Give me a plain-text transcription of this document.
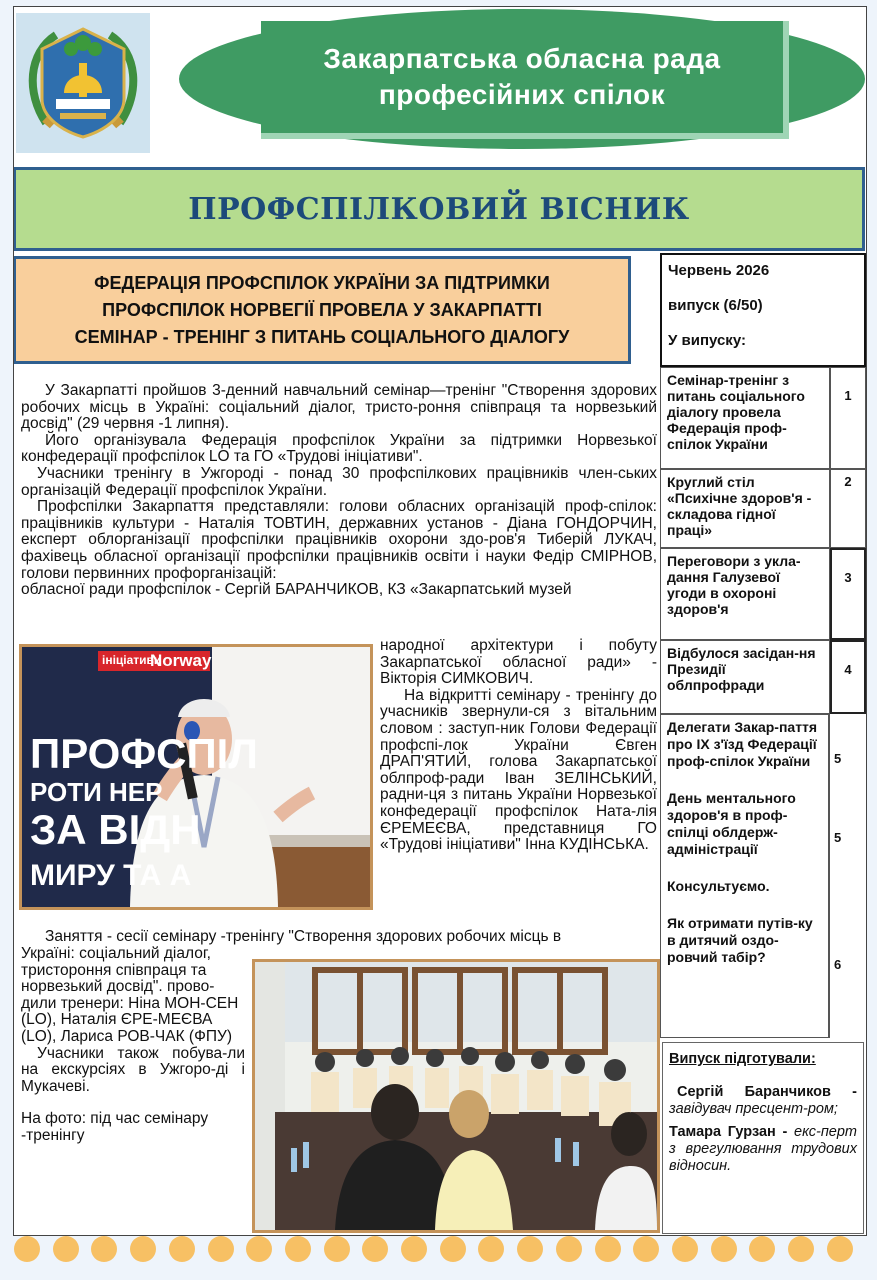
Закарпатська обласна рада
професійних спілок
ПРОФСПІЛКОВИЙ ВІСНИК
ФЕДЕРАЦІЯ ПРОФСПІЛОК УКРАЇНИ ЗА ПІДТРИМКИ
ПРОФСПІЛОК НОРВЕГІЇ ПРОВЕЛА У ЗАКАРПАТТІ
СЕМІНАР - ТРЕНІНГ З ПИТАНЬ СОЦІАЛЬНОГО ДІАЛОГУ
Червень 2026
випуск (6/50)
У випуску:
Семінар-тренінг з питань соціального діалогу провела Федерація проф-спілок України
1
Круглий стіл «Психічне здоров'я - складова гідної праці»
2
Переговори з укла-дання Галузевої угоди в охороні здоров'я
3
Відбулося засідан-ня Президії облпрофради
4

Делегати Закар-паття про IX з'їзд Федерації проф-спілок України

День ментального здоров'я в проф-спілці облдерж-адміністрації

Консультуємо.

Як отримати путів-ку в дитячий оздо-ровчий табір?

5
5
6

У Закарпатті пройшов 3-денний навчальний семінар—тренінг "Створення здорових робочих місць в Україні: соціальний діалог, тристо-роння співпраця та норвезький досвід" (29 червня -1 липня).

Його організувала Федерація профспілок України за підтримки Норвезької конфедерації профспілок LO та ГО «Трудові ініціативи".

Учасники тренінгу в Ужгороді - понад 30 профспілкових працівників член-ських організацій Федерації профспілок України.

Профспілки Закарпаття представляли: голови обласних організацій проф-спілок: працівників культури - Наталія ТОВТИН, державних установ - Діана ГОНДОРЧИН, експерт облорганізації профспілки працівників охорони здо-ров'я Тиберій ЛУКАЧ, фахівець обласної організації профспілки працівників освіти і науки Федір СМІРНОВ, голови первинних профорганізацій:

обласної ради профспілок - Сергій БАРАНЧИКОВ, КЗ «Закарпатський музей

ПРОФСПІЛ
РОТИ НЕР
ЗА ВІДН
МИРУ ТА А
ініціативи
Norway

народної архітектури і побуту Закарпатської обласної ради» - Вікторія СИМКОВИЧ.

На відкритті семінару - тренінгу до учасників звернули-ся з вітальним словом : заступ-ник Голови Федерації профспі-лок України Євген ДРАП'ЯТИЙ, голова Закарпатської облпроф-ради Іван ЗЕЛІНСЬКИЙ, радни-ця з питань України Норвезької конфедерації профспілок Ната-лія ЄРЕМЕЄВА, представниця ГО «Трудові ініціативи" Інна КУДІНСЬКА.

Заняття - сесії семінару -тренінгу "Створення здорових робочих місць в

Україні: соціальний діалог, тристороння співпраця та норвезький досвід". прово-дили тренери: Ніна МОН-СЕН (LO), Наталія ЄРЕ-МЕЄВА (LO), Лариса РОВ-ЧАК (ФПУ)

Учасники також побува-ли на екскурсіях в Ужгоро-ді і Мукачеві.

На фото: під час семінару -тренінгу

Випуск підготували:

Сергій Баранчиков - завідувач пресцент-ром;

Тамара Гурзан - екс-перт з врегулювання трудових відносин.
